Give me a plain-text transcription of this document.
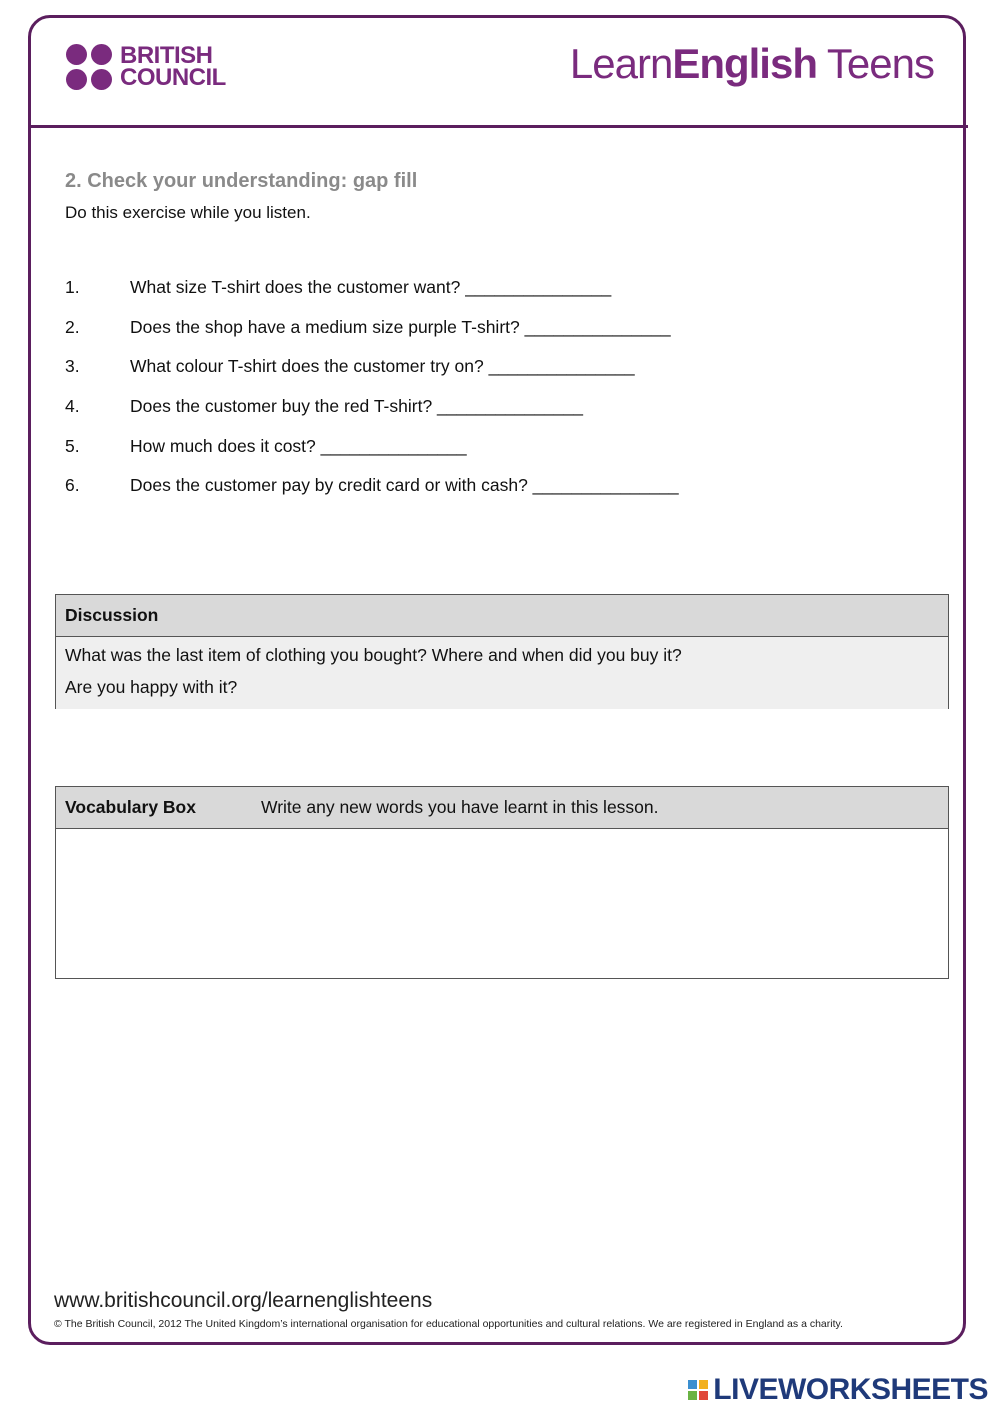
BRITISH
COUNCIL	LearnEnglish Teens
2. Check your understanding: gap fill
Do this exercise while you listen.
1.	What size T-shirt does the customer want? _______________
2.	Does the shop have a medium size purple T-shirt? _______________
3.	What colour T-shirt does the customer try on? _______________
4.	Does the customer buy the red T-shirt? _______________
5.	How much does it cost? _______________
6.	Does the customer pay by credit card or with cash? _______________
Discussion
What was the last item of clothing you bought? Where and when did you buy it?
Are you happy with it?
Vocabulary Box	Write any new words you have learnt in this lesson.
www.britishcouncil.org/learnenglishteens
© The British Council, 2012 The United Kingdom’s international organisation for educational opportunities and cultural relations. We are registered in England as a charity.
LIVEWORKSHEETS
